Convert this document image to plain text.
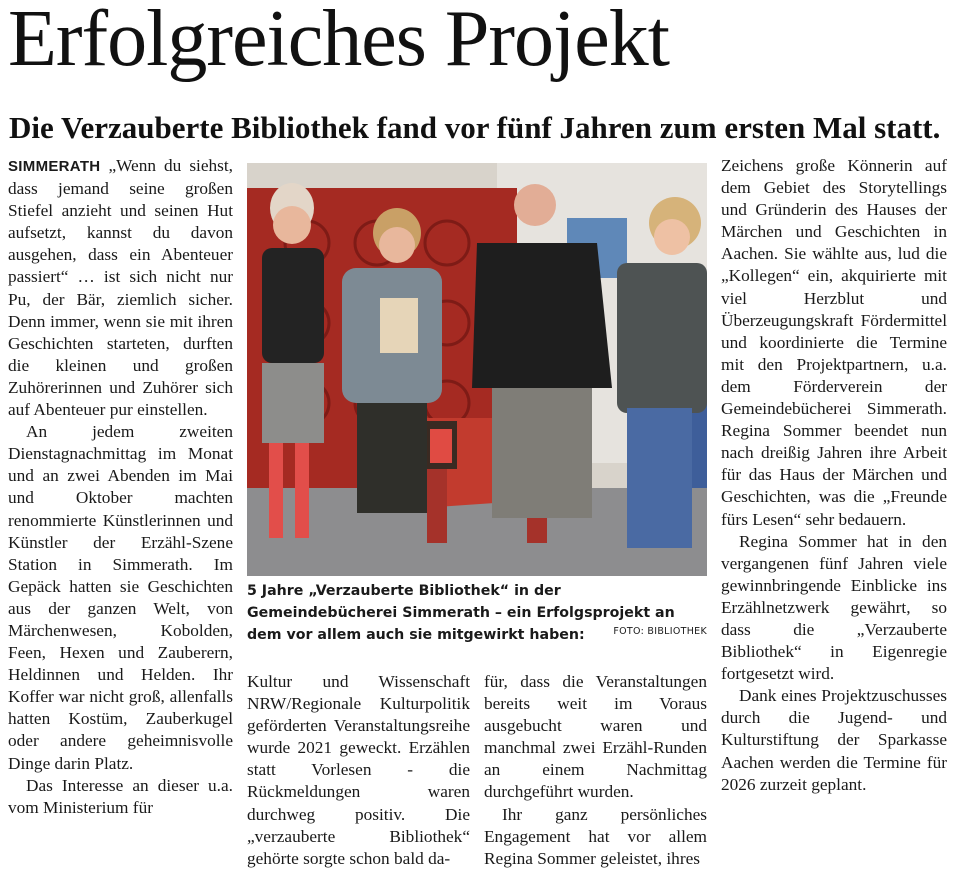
Erfolgreiches Projekt
Die Verzauberte Bibliothek fand vor fünf Jahren zum ersten Mal statt.

SIMMERATH „Wenn du siehst, dass jemand seine großen Stiefel anzieht und seinen Hut aufsetzt, kannst du davon ausgehen, dass ein Abenteuer passiert“ … ist sich nicht nur Pu, der Bär, ziemlich sicher. Denn immer, wenn sie mit ihren Geschichten starteten, durften die kleinen und großen Zuhörerinnen und Zuhörer sich auf Abenteuer pur einstellen.

An jedem zweiten Dienstagnachmittag im Monat und an zwei Abenden im Mai und Oktober machten renommierte Künstlerinnen und Künstler der Erzähl-Szene Station in Simmerath. Im Gepäck hatten sie Geschichten aus der ganzen Welt, von Märchenwesen, Kobolden, Feen, Hexen und Zauberern, Heldinnen und Helden. Ihr Koffer war nicht groß, allenfalls hatten Kostüm, Zauberkugel oder andere geheimnisvolle Dinge darin Platz.

Das Interesse an dieser u.a. vom Ministerium für

5 Jahre „Verzauberte Bibliothek“ in der Gemeindebücherei Simmerath – ein Erfolgsprojekt an dem vor allem auch sie mitgewirkt haben:	FOTO: BIBLIOTHEK

Kultur und Wissenschaft NRW/Regionale Kulturpolitik geförderten Veranstaltungsreihe wurde 2021 geweckt. Erzählen statt Vorlesen - die Rückmeldungen waren durchweg positiv. Die „verzauberte Bibliothek“ gehörte sorgte schon bald da-

für, dass die Veranstaltungen bereits weit im Voraus ausgebucht waren und manchmal zwei Erzähl-Runden an einem Nachmittag durchgeführt wurden.

Ihr ganz persönliches Engagement hat vor allem Regina Sommer geleistet, ihres

Zeichens große Könnerin auf dem Gebiet des Storytellings und Gründerin des Hauses der Märchen und Geschichten in Aachen. Sie wählte aus, lud die „Kollegen“ ein, akquirierte mit viel Herzblut und Überzeugungskraft Fördermittel und koordinierte die Termine mit den Projektpartnern, u.a. dem Förderverein der Gemeindebücherei Simmerath. Regina Sommer beendet nun nach dreißig Jahren ihre Arbeit für das Haus der Märchen und Geschichten, was die „Freunde fürs Lesen“ sehr bedauern.

Regina Sommer hat in den vergangenen fünf Jahren viele gewinnbringende Einblicke ins Erzählnetzwerk gewährt, so dass die „Verzauberte Bibliothek“ in Eigenregie fortgesetzt wird.

Dank eines Projektzuschusses durch die Jugend- und Kulturstiftung der Sparkasse Aachen werden die Termine für 2026 zurzeit geplant.
